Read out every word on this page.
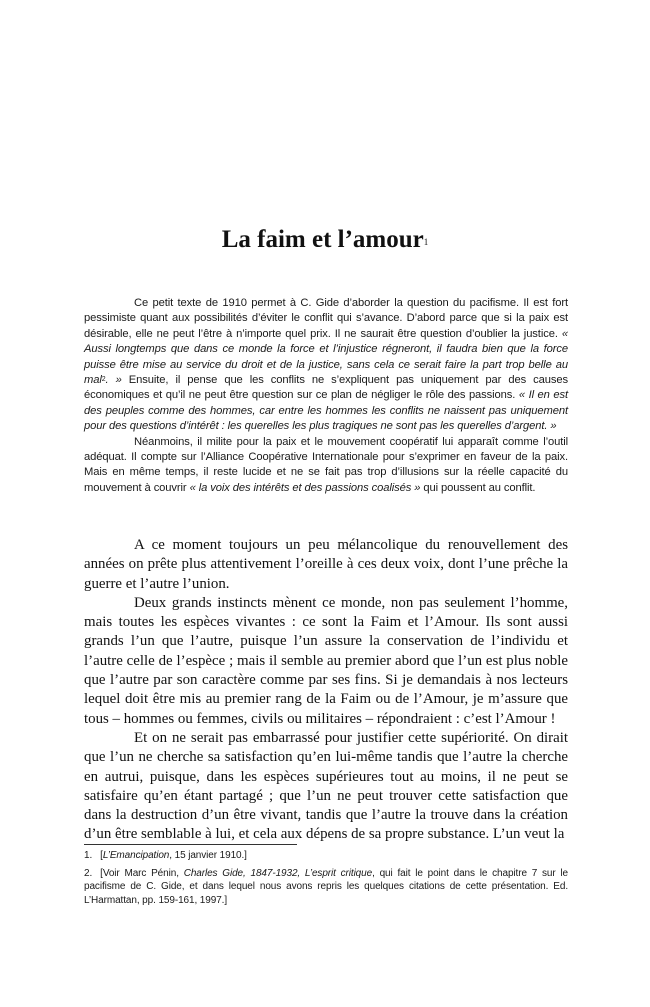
La faim et l’amour$^1$

Ce petit texte de 1910 permet à C. Gide d’aborder la question du pacifisme. Il est fort pessimiste quant aux possibilités d’éviter le conflit qui s’avance. D’abord parce que si la paix est désirable, elle ne peut l’être à n’importe quel prix. Il ne saurait être question d’oublier la justice. « Aussi longtemps que dans ce monde la force et l’injustice régneront, il faudra bien que la force puisse être mise au service du droit et de la justice, sans cela ce serait faire la part trop belle au mal$^2$. » Ensuite, il pense que les conflits ne s’expliquent pas uniquement par des causes économiques et qu’il ne peut être question sur ce plan de négliger le rôle des passions. « Il en est des peuples comme des hommes, car entre les hommes les conflits ne naissent pas uniquement pour des questions d’intérêt : les querelles les plus tragiques ne sont pas les querelles d’argent. »

Néanmoins, il milite pour la paix et le mouvement coopératif lui apparaît comme l’outil adéquat. Il compte sur l’Alliance Coopérative Internationale pour s’exprimer en faveur de la paix. Mais en même temps, il reste lucide et ne se fait pas trop d’illusions sur la réelle capacité du mouvement à couvrir « la voix des intérêts et des passions coalisés » qui poussent au conflit.

A ce moment toujours un peu mélancolique du renouvellement des années on prête plus attentivement l’oreille à ces deux voix, dont l’une prêche la guerre et l’autre l’union.

Deux grands instincts mènent ce monde, non pas seulement l’homme, mais toutes les espèces vivantes : ce sont la Faim et l’Amour. Ils sont aussi grands l’un que l’autre, puisque l’un assure la conservation de l’individu et l’autre celle de l’espèce ; mais il semble au premier abord que l’un est plus noble que l’autre par son caractère comme par ses fins. Si je demandais à nos lecteurs lequel doit être mis au premier rang de la Faim ou de l’Amour, je m’assure que tous – hommes ou femmes, civils ou militaires – répondraient : c’est l’Amour !

Et on ne serait pas embarrassé pour justifier cette supériorité. On dirait que l’un ne cherche sa satisfaction qu’en lui-même tandis que l’autre la cherche en autrui, puisque, dans les espèces supérieures tout au moins, il ne peut se satisfaire qu’en étant partagé ; que l’un ne peut trouver cette satisfaction que dans la destruction d’un être vivant, tandis que l’autre la trouve dans la création d’un être semblable à lui, et cela aux dépens de sa propre substance. L’un veut la

1. [L’Emancipation, 15 janvier 1910.]

2. [Voir Marc Pénin, Charles Gide, 1847-1932, L’esprit critique, qui fait le point dans le chapitre 7 sur le pacifisme de C. Gide, et dans lequel nous avons repris les quelques citations de cette présentation. Ed. L’Harmattan, pp. 159-161, 1997.]
